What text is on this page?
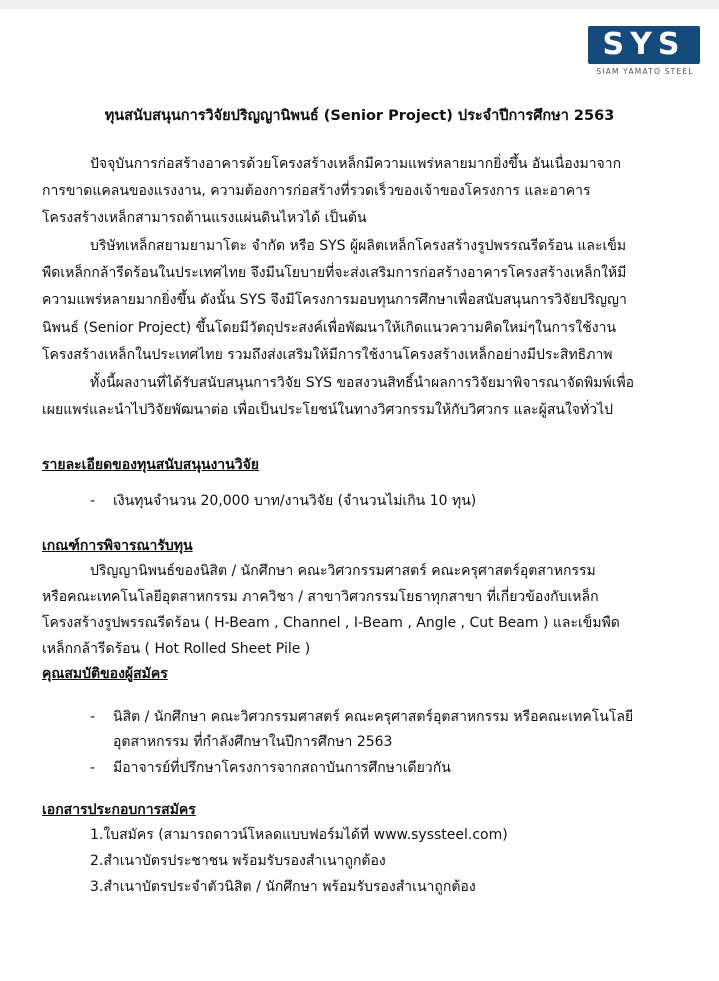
SYS
SIAM YAMATO STEEL
ทุนสนับสนุนการวิจัยปริญญานิพนธ์ (Senior Project) ประจำปีการศึกษา 2563
ปัจจุบันการก่อสร้างอาคารด้วยโครงสร้างเหล็กมีความแพร่หลายมากยิ่งขึ้น อันเนื่องมาจาก
การขาดแคลนของแรงงาน, ความต้องการก่อสร้างที่รวดเร็วของเจ้าของโครงการ และอาคาร
โครงสร้างเหล็กสามารถต้านแรงแผ่นดินไหวได้ เป็นต้น
บริษัทเหล็กสยามยามาโตะ จำกัด หรือ SYS ผู้ผลิตเหล็กโครงสร้างรูปพรรณรีดร้อน และเข็ม
พืดเหล็กกล้ารีดร้อนในประเทศไทย จึงมีนโยบายที่จะส่งเสริมการก่อสร้างอาคารโครงสร้างเหล็กให้มี
ความแพร่หลายมากยิ่งขึ้น ดังนั้น SYS จึงมีโครงการมอบทุนการศึกษาเพื่อสนับสนุนการวิจัยปริญญา
นิพนธ์ (Senior Project) ขึ้นโดยมีวัตถุประสงค์เพื่อพัฒนาให้เกิดแนวความคิดใหม่ๆในการใช้งาน
โครงสร้างเหล็กในประเทศไทย รวมถึงส่งเสริมให้มีการใช้งานโครงสร้างเหล็กอย่างมีประสิทธิภาพ
ทั้งนี้ผลงานที่ได้รับสนับสนุนการวิจัย SYS ขอสงวนสิทธิ์นำผลการวิจัยมาพิจารณาจัดพิมพ์เพื่อ
เผยแพร่และนำไปวิจัยพัฒนาต่อ เพื่อเป็นประโยชน์ในทางวิศวกรรมให้กับวิศวกร และผู้สนใจทั่วไป
รายละเอียดของทุนสนับสนุนงานวิจัย
- เงินทุนจำนวน 20,000 บาท/งานวิจัย (จำนวนไม่เกิน 10 ทุน)
เกณฑ์การพิจารณารับทุน
ปริญญานิพนธ์ของนิสิต / นักศึกษา คณะวิศวกรรมศาสตร์ คณะครุศาสตร์อุตสาหกรรม
หรือคณะเทคโนโลยีอุตสาหกรรม ภาควิชา / สาขาวิศวกรรมโยธาทุกสาขา ที่เกี่ยวข้องกับเหล็ก
โครงสร้างรูปพรรณรีดร้อน ( H-Beam , Channel , I-Beam , Angle , Cut Beam ) และเข็มพืด
เหล็กกล้ารีดร้อน ( Hot Rolled Sheet Pile )
คุณสมบัติของผู้สมัคร
- นิสิต / นักศึกษา คณะวิศวกรรมศาสตร์ คณะครุศาสตร์อุตสาหกรรม หรือคณะเทคโนโลยี
อุตสาหกรรม ที่กำลังศึกษาในปีการศึกษา 2563
- มีอาจารย์ที่ปรึกษาโครงการจากสถาบันการศึกษาเดียวกัน
เอกสารประกอบการสมัคร
1.ใบสมัคร (สามารถดาวน์โหลดแบบฟอร์มได้ที่ www.syssteel.com)
2.สำเนาบัตรประชาชน พร้อมรับรองสำเนาถูกต้อง
3.สำเนาบัตรประจำตัวนิสิต / นักศึกษา พร้อมรับรองสำเนาถูกต้อง
